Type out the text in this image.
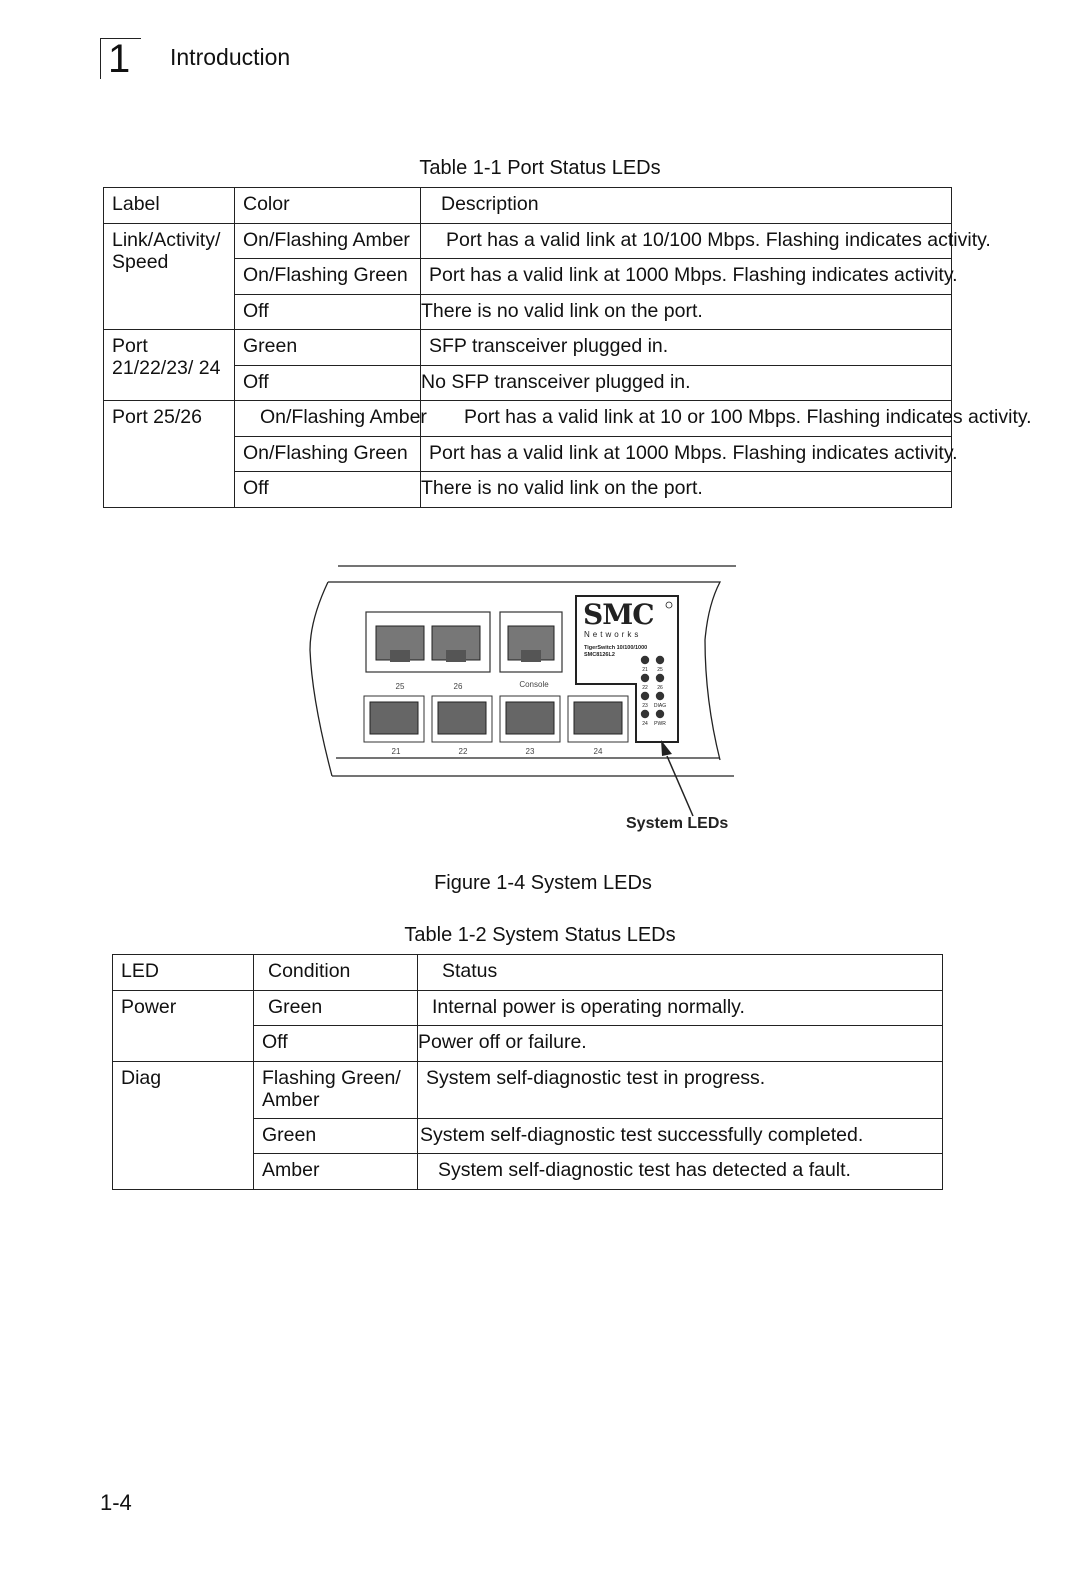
1 Introduction
Table 1-1 Port Status LEDs
Label	Color	Description
Link/Activity/ Speed	On/Flashing Amber	Port has a valid link at 10/100 Mbps. Flashing indicates activity.
	On/Flashing Green	Port has a valid link at 1000 Mbps. Flashing indicates activity.
	Off	There is no valid link on the port.
Port 21/22/23/ 24	Green	SFP transceiver plugged in.
	Off	No SFP transceiver plugged in.
Port 25/26	On/Flashing Amber	Port has a valid link at 10 or 100 Mbps. Flashing indicates activity.
	On/Flashing Green	Port has a valid link at 1000 Mbps. Flashing indicates activity.
	Off	There is no valid link on the port.
25	26	Console
21	22	23	24
SMC
Networks
TigerSwitch 10/100/1000
SMC8126L2
21 25
22 26
23 DIAG
24 PWR
System LEDs
Figure 1-4 System LEDs
Table 1-2 System Status LEDs
LED	Condition	Status
Power	Green	Internal power is operating normally.
	Off	Power off or failure.
Diag	Flashing Green/ Amber	System self-diagnostic test in progress.
	Green	System self-diagnostic test successfully completed.
	Amber	System self-diagnostic test has detected a fault.
1-4
